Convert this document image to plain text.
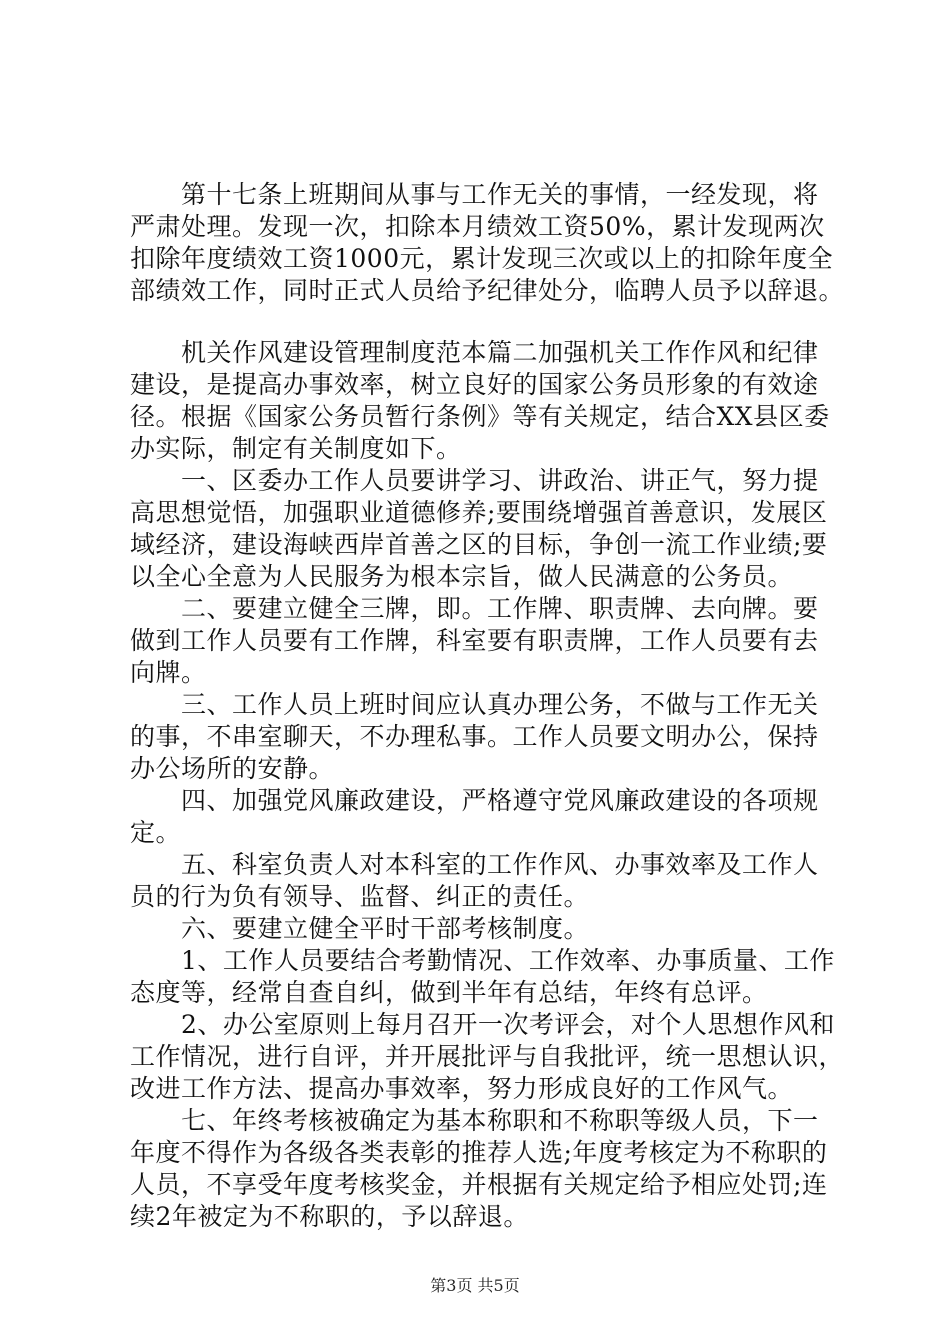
　　第十七条上班期间从事与工作无关的事情，一经发现，将
严肃处理。发现一次，扣除本月绩效工资50%，累计发现两次
扣除年度绩效工资1000元，累计发现三次或以上的扣除年度全
部绩效工作，同时正式人员给予纪律处分，临聘人员予以辞退。
　　机关作风建设管理制度范本篇二加强机关工作作风和纪律
建设，是提高办事效率，树立良好的国家公务员形象的有效途
径。根据《国家公务员暂行条例》等有关规定，结合XX县区委
办实际，制定有关制度如下。
　　一、区委办工作人员要讲学习、讲政治、讲正气，努力提
高思想觉悟，加强职业道德修养;要围绕增强首善意识，发展区
域经济，建设海峡西岸首善之区的目标，争创一流工作业绩;要
以全心全意为人民服务为根本宗旨，做人民满意的公务员。
　　二、要建立健全三牌，即。工作牌、职责牌、去向牌。要
做到工作人员要有工作牌，科室要有职责牌，工作人员要有去
向牌。
　　三、工作人员上班时间应认真办理公务，不做与工作无关
的事，不串室聊天，不办理私事。工作人员要文明办公，保持
办公场所的安静。
　　四、加强党风廉政建设，严格遵守党风廉政建设的各项规
定。
　　五、科室负责人对本科室的工作作风、办事效率及工作人
员的行为负有领导、监督、纠正的责任。
　　六、要建立健全平时干部考核制度。
　　1、工作人员要结合考勤情况、工作效率、办事质量、工作
态度等，经常自查自纠，做到半年有总结，年终有总评。
　　2、办公室原则上每月召开一次考评会，对个人思想作风和
工作情况，进行自评，并开展批评与自我批评，统一思想认识，
改进工作方法、提高办事效率，努力形成良好的工作风气。
　　七、年终考核被确定为基本称职和不称职等级人员，下一
年度不得作为各级各类表彰的推荐人选;年度考核定为不称职的
人员，不享受年度考核奖金，并根据有关规定给予相应处罚;连
续2年被定为不称职的，予以辞退。
第3页 共5页
